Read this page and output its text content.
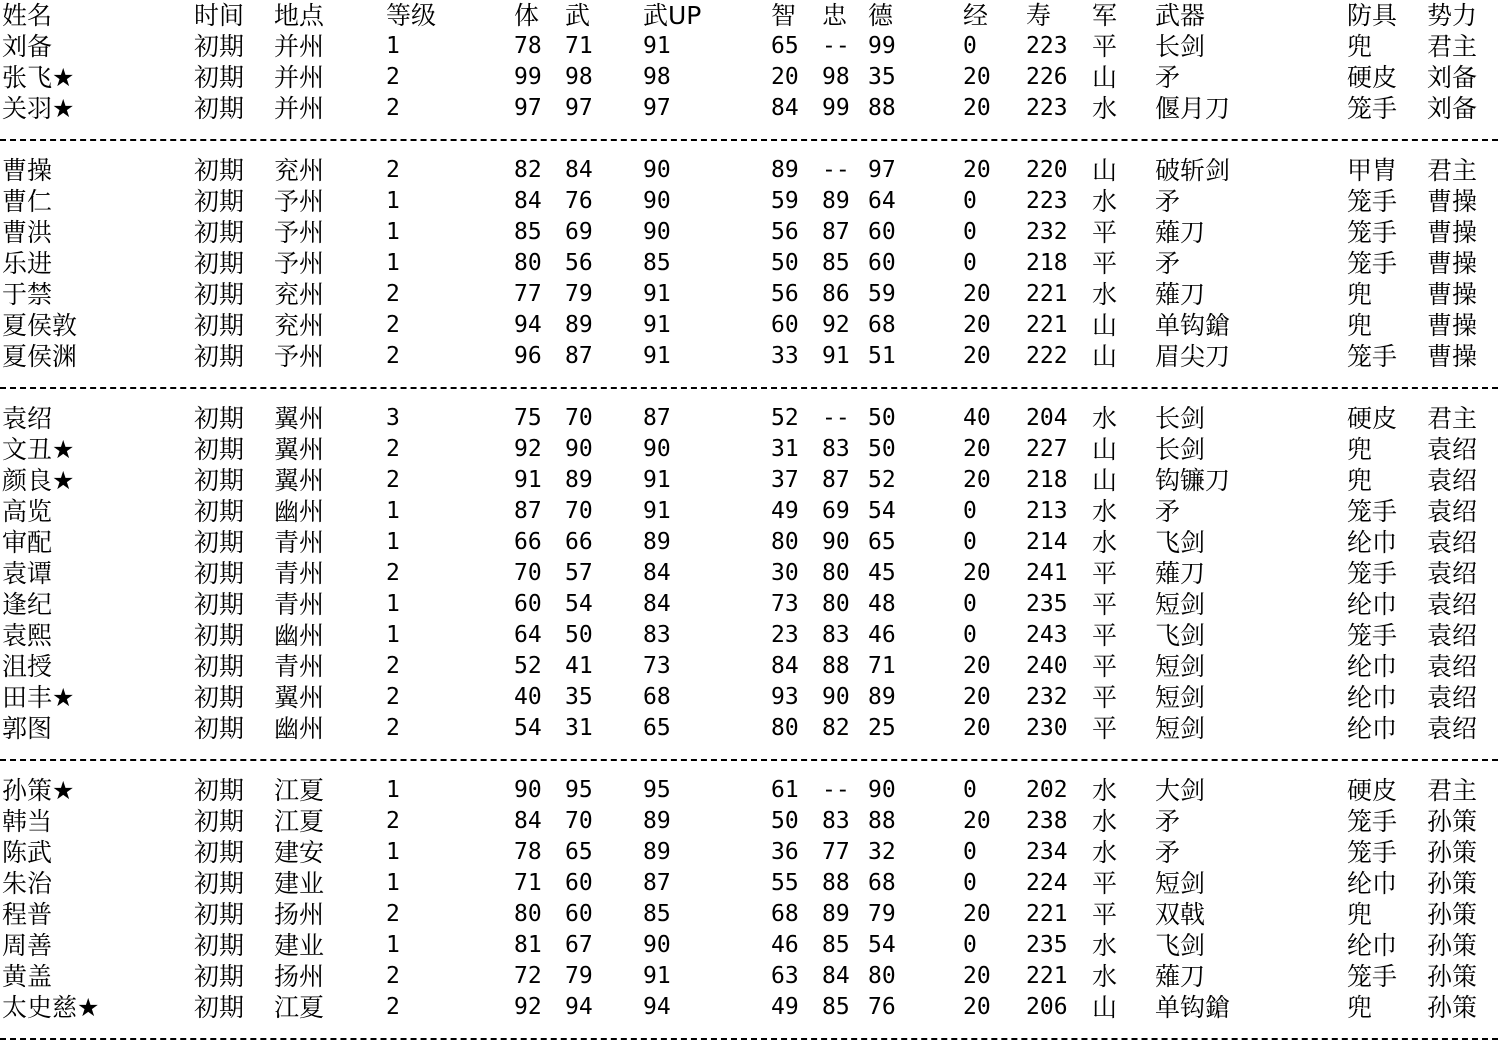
姓名	时间 地点 等级	体 武 武UP	智 忠 德	经 寿 军 武器	防具 势力
刘备	初期 并州	1	78 71 91	65 -- 99	0 223 平 长剑	兜 君主
张飞★	初期 并州	2	99 98 98	20 98 35	20 226 山 矛	硬皮 刘备
关羽★	初期 并州	2	97 97 97	84 99 88	20 223 水 偃月刀	笼手 刘备
曹操	初期 兖州	2	82 84 90	89 -- 97	20 220 山 破斩剑	甲胄 君主
曹仁	初期 予州	1	84 76 90	59 89 64	0 223 水 矛	笼手 曹操
曹洪	初期 予州	1	85 69 90	56 87 60	0 232 平 薙刀	笼手 曹操
乐进	初期 予州	1	80 56 85	50 85 60	0 218 平 矛	笼手 曹操
于禁	初期 兖州	2	77 79 91	56 86 59	20 221 水 薙刀	兜 曹操
夏侯敦	初期 兖州	2	94 89 91	60 92 68	20 221 山 单钩鎗	兜 曹操
夏侯渊	初期 予州	2	96 87 91	33 91 51	20 222 山 眉尖刀	笼手 曹操
袁绍	初期 翼州	3	75 70 87	52 -- 50	40 204 水 长剑	硬皮 君主
文丑★	初期 翼州	2	92 90 90	31 83 50	20 227 山 长剑	兜 袁绍
颜良★	初期 翼州	2	91 89 91	37 87 52	20 218 山 钩镰刀	兜 袁绍
高览	初期 幽州	1	87 70 91	49 69 54	0 213 水 矛	笼手 袁绍
审配	初期 青州	1	66 66 89	80 90 65	0 214 水 飞剑	纶巾 袁绍
袁谭	初期 青州	2	70 57 84	30 80 45	20 241 平 薙刀	笼手 袁绍
逢纪	初期 青州	1	60 54 84	73 80 48	0 235 平 短剑	纶巾 袁绍
袁熙	初期 幽州	1	64 50 83	23 83 46	0 243 平 飞剑	笼手 袁绍
沮授	初期 青州	2	52 41 73	84 88 71	20 240 平 短剑	纶巾 袁绍
田丰★	初期 翼州	2	40 35 68	93 90 89	20 232 平 短剑	纶巾 袁绍
郭图	初期 幽州	2	54 31 65	80 82 25	20 230 平 短剑	纶巾 袁绍
孙策★	初期 江夏	1	90 95 95	61 -- 90	0 202 水 大剑	硬皮 君主
韩当	初期 江夏	2	84 70 89	50 83 88	20 238 水 矛	笼手 孙策
陈武	初期 建安	1	78 65 89	36 77 32	0 234 水 矛	笼手 孙策
朱治	初期 建业	1	71 60 87	55 88 68	0 224 平 短剑	纶巾 孙策
程普	初期 扬州	2	80 60 85	68 89 79	20 221 平 双戟	兜 孙策
周善	初期 建业	1	81 67 90	46 85 54	0 235 水 飞剑	纶巾 孙策
黄盖	初期 扬州	2	72 79 91	63 84 80	20 221 水 薙刀	笼手 孙策
太史慈★	初期 江夏	2	92 94 94	49 85 76	20 206 山 单钩鎗	兜 孙策
